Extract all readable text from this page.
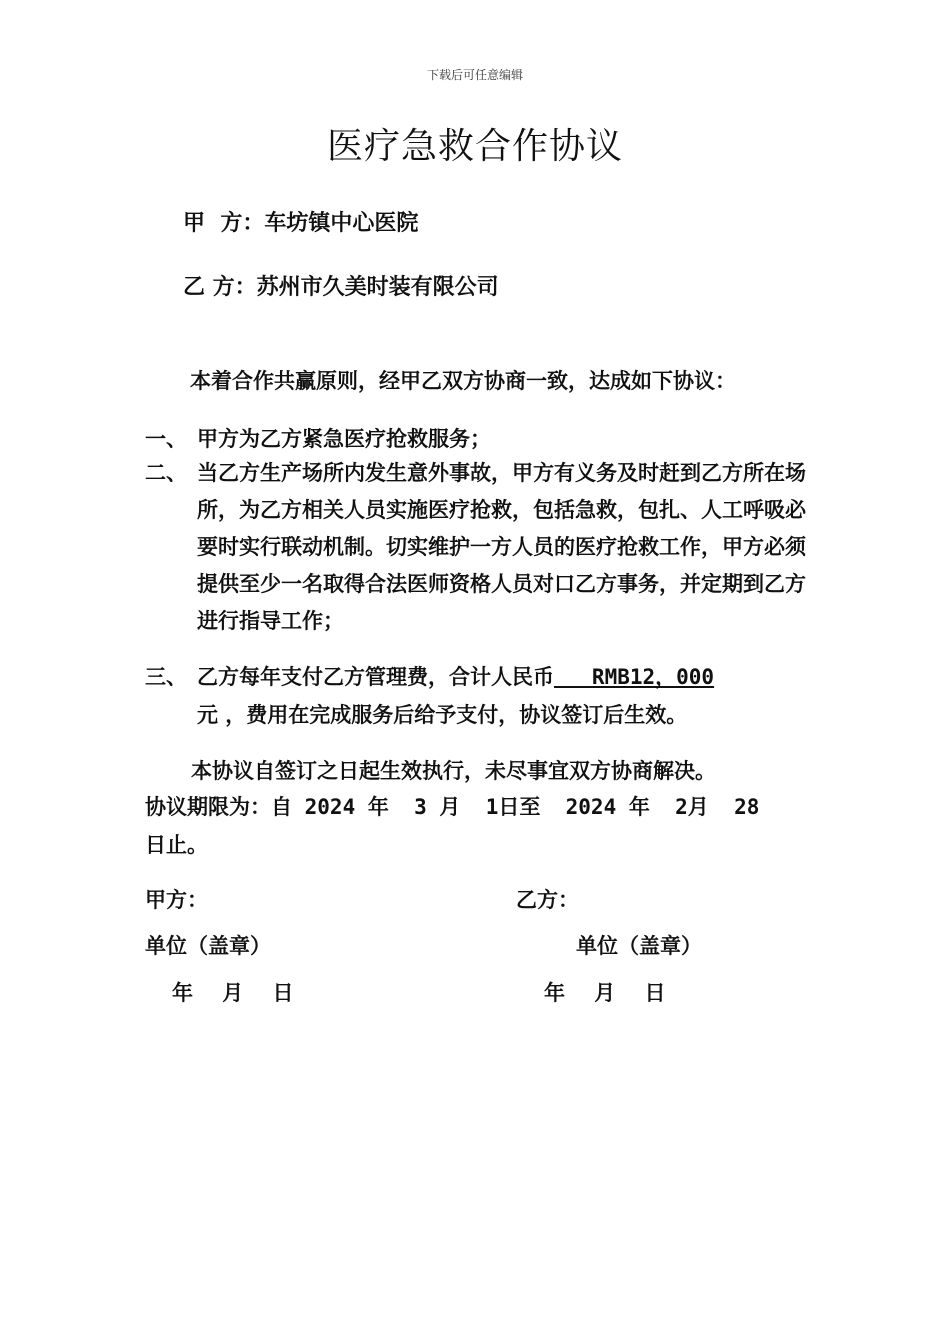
下载后可任意编辑
医疗急救合作协议
甲  方：车坊镇中心医院
乙 方：苏州市久美时装有限公司
本着合作共赢原则，经甲乙双方协商一致，达成如下协议：
一、 甲方为乙方紧急医疗抢救服务；
二、 当乙方生产场所内发生意外事故，甲方有义务及时赶到乙方所在场所，为乙方相关人员实施医疗抢救，包括急救，包扎、人工呼吸必要时实行联动机制。切实维护一方人员的医疗抢救工作，甲方必须提供至少一名取得合法医师资格人员对口乙方事务，并定期到乙方进行指导工作；
三、 乙方每年支付乙方管理费，合计人民币   RMB12，000
元 ，费用在完成服务后给予支付，协议签订后生效。
本协议自签订之日起生效执行，未尽事宜双方协商解决。
协议期限为：自 2024 年  3 月  1日至  2024 年  2月  28
日止。
甲方：	乙方：
单位（盖章）	单位（盖章）
年    月    日	年    月    日
